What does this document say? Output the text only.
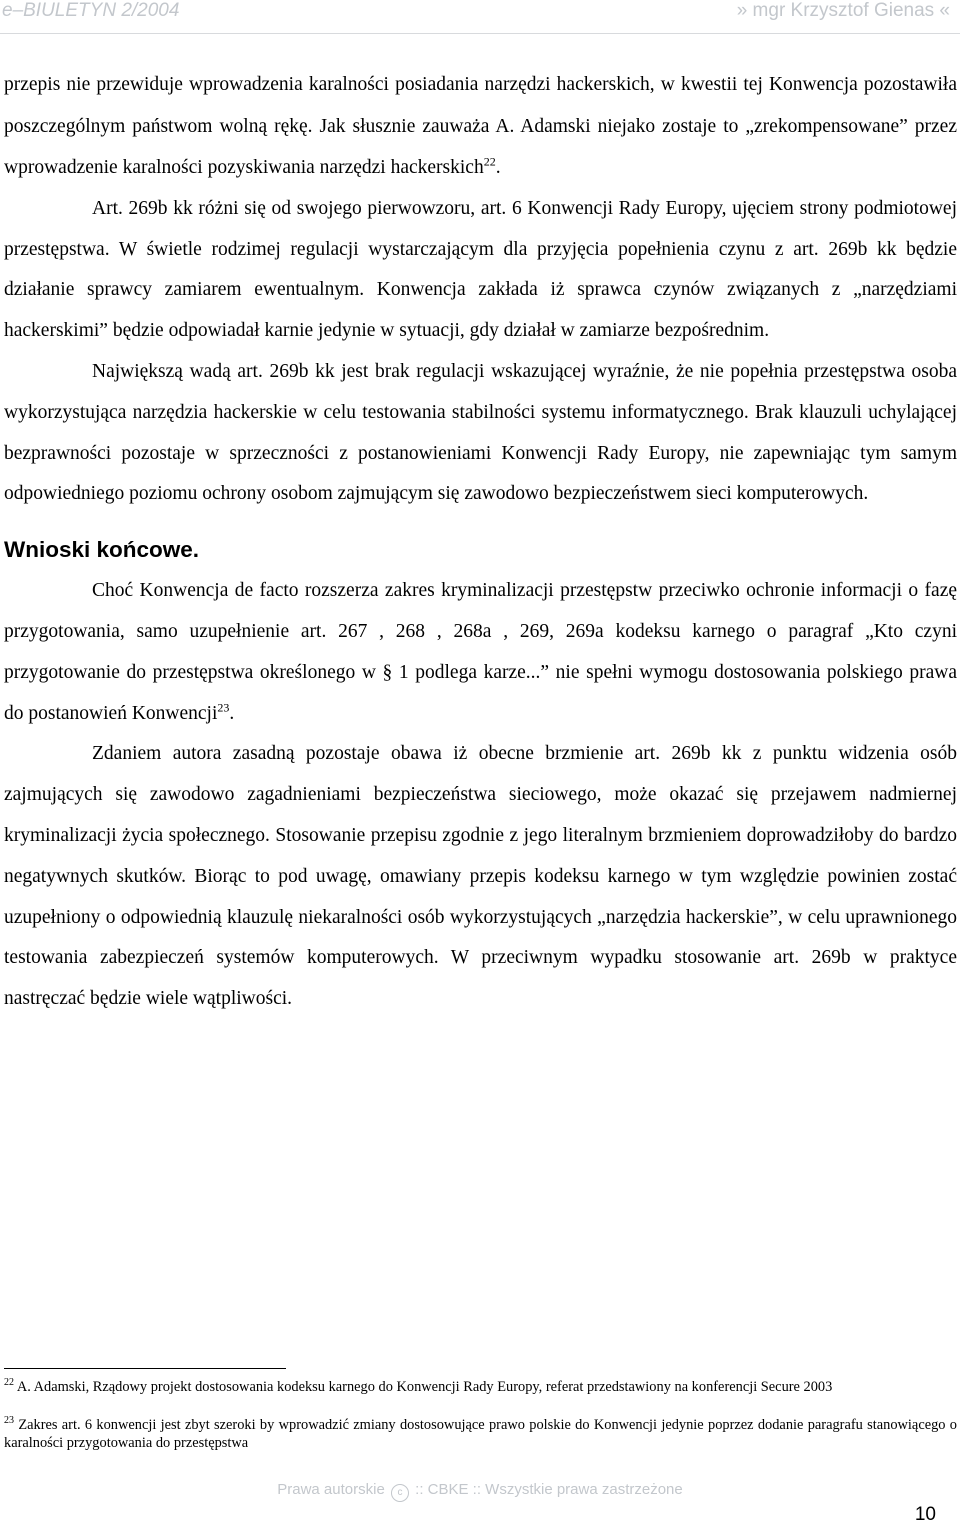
e–BIULETYN 2/2004	» mgr Krzysztof Gienas «

przepis nie przewiduje wprowadzenia karalności posiadania narzędzi hackerskich, w kwestii tej Konwencja pozostawiła poszczególnym państwom wolną rękę. Jak słusznie zauważa A. Adamski niejako zostaje to „zrekompensowane” przez wprowadzenie karalności pozyskiwania narzędzi hackerskich$^{22}$.

Art. 269b kk różni się od swojego pierwowzoru, art. 6 Konwencji Rady Europy, ujęciem strony podmiotowej przestępstwa. W świetle rodzimej regulacji wystarczającym dla przyjęcia popełnienia czynu z art. 269b kk będzie działanie sprawcy zamiarem ewentualnym. Konwencja zakłada iż sprawca czynów związanych z „narzędziami hackerskimi” będzie odpowiadał karnie jedynie w sytuacji, gdy działał w zamiarze bezpośrednim.

Największą wadą art. 269b kk jest brak regulacji wskazującej wyraźnie, że nie popełnia przestępstwa osoba wykorzystująca narzędzia hackerskie w celu testowania stabilności systemu informatycznego. Brak klauzuli uchylającej bezprawności pozostaje w sprzeczności z postanowieniami Konwencji Rady Europy, nie zapewniając tym samym odpowiedniego poziomu ochrony osobom zajmującym się zawodowo bezpieczeństwem sieci komputerowych.

Wnioski końcowe.

Choć Konwencja de facto rozszerza zakres kryminalizacji przestępstw przeciwko ochronie informacji o fazę przygotowania, samo uzupełnienie art. 267 , 268 , 268a , 269, 269a kodeksu karnego o paragraf „Kto czyni przygotowanie do przestępstwa określonego w § 1 podlega karze...” nie spełni wymogu dostosowania polskiego prawa do postanowień Konwencji$^{23}$.

Zdaniem autora zasadną pozostaje obawa iż obecne brzmienie art. 269b kk z punktu widzenia osób zajmujących się zawodowo zagadnieniami bezpieczeństwa sieciowego, może okazać się przejawem nadmiernej kryminalizacji życia społecznego. Stosowanie przepisu zgodnie z jego literalnym brzmieniem doprowadziłoby do bardzo negatywnych skutków. Biorąc to pod uwagę, omawiany przepis kodeksu karnego w tym względzie powinien zostać uzupełniony o odpowiednią klauzulę niekaralności osób wykorzystujących „narzędzia hackerskie”, w celu uprawnionego testowania zabezpieczeń systemów komputerowych. W przeciwnym wypadku stosowanie art. 269b w praktyce nastręczać będzie wiele wątpliwości.

$^{22}$ A. Adamski, Rządowy projekt dostosowania kodeksu karnego do Konwencji Rady Europy, referat przedstawiony na konferencji Secure 2003

$^{23}$ Zakres art. 6 konwencji jest zbyt szeroki by wprowadzić zmiany dostosowujące prawo polskie do Konwencji jedynie poprzez dodanie paragrafu stanowiącego o karalności przygotowania do przestępstwa

Prawa autorskie c :: CBKE :: Wszystkie prawa zastrzeżone
10
